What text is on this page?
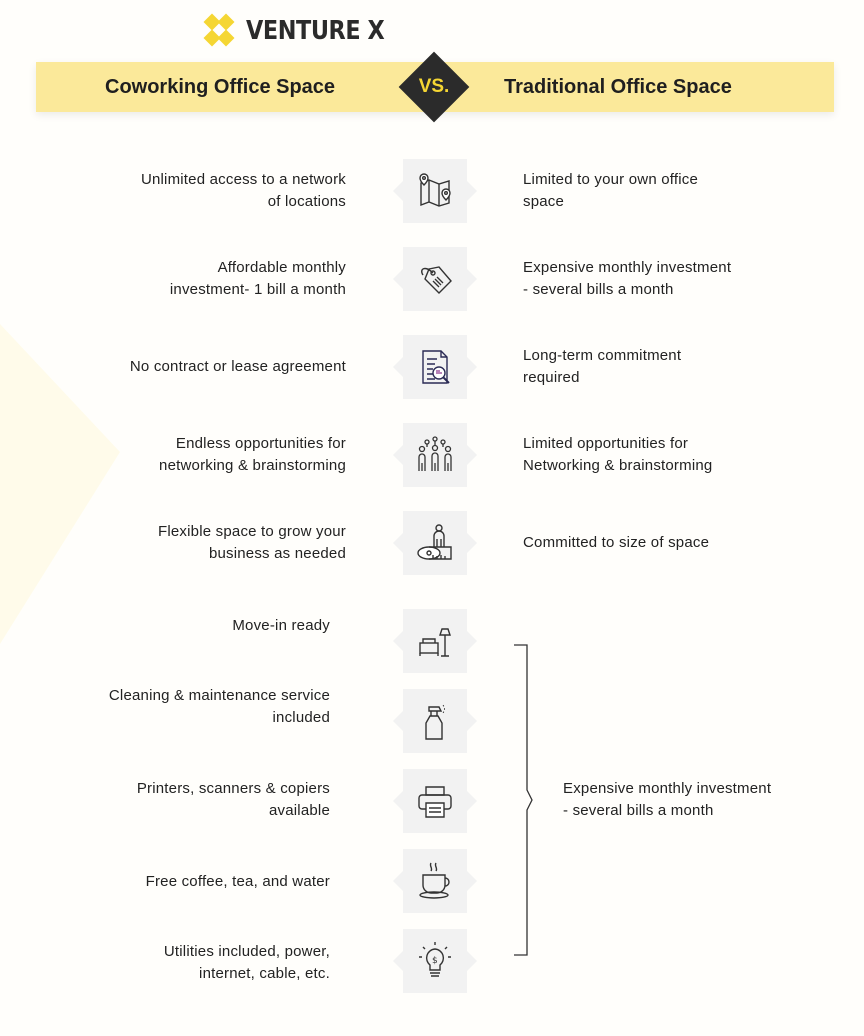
VENTURE X
Coworking Office Space	Traditional Office Space
VS.
Unlimited access to a network
of locations
Limited to your own office
space
Affordable monthly
investment- 1 bill a month
Expensive monthly investment
- several bills a month
No contract or lease agreement
Long-term commitment
required
Endless opportunities for
networking & brainstorming
Limited opportunities for
Networking & brainstorming
Flexible space to grow your
business as needed
Committed to size of space
Move-in ready
Cleaning & maintenance service
included
Printers, scanners & copiers
available
Free coffee, tea, and water
Utilities included, power,
internet, cable, etc.
$
Expensive monthly investment
- several bills a month
